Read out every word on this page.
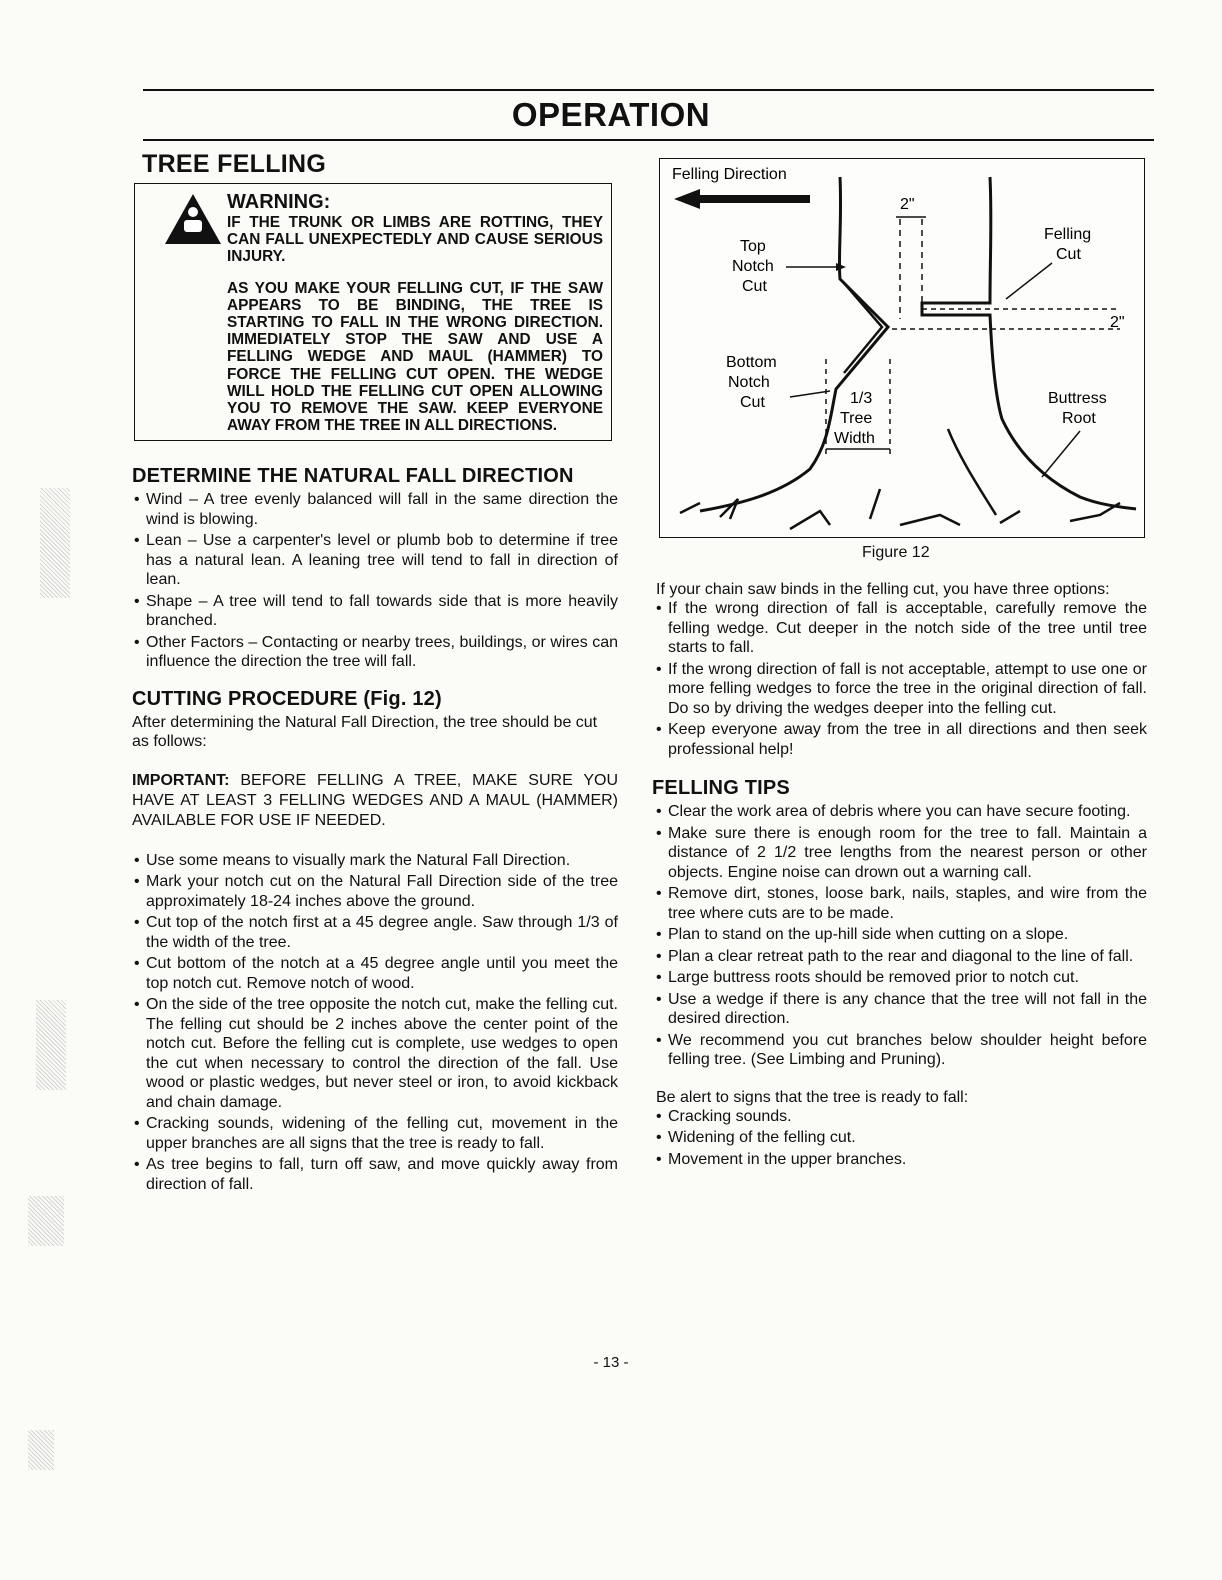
OPERATION
TREE FELLING
WARNING:
IF THE TRUNK OR LIMBS ARE ROTTING, THEY CAN FALL UNEXPECTEDLY AND CAUSE SERIOUS INJURY.
AS YOU MAKE YOUR FELLING CUT, IF THE SAW APPEARS TO BE BINDING, THE TREE IS STARTING TO FALL IN THE WRONG DIRECTION. IMMEDIATELY STOP THE SAW AND USE A FELLING WEDGE AND MAUL (HAMMER) TO FORCE THE FELLING CUT OPEN. THE WEDGE WILL HOLD THE FELLING CUT OPEN ALLOWING YOU TO REMOVE THE SAW. KEEP EVERYONE AWAY FROM THE TREE IN ALL DIRECTIONS.
DETERMINE THE NATURAL FALL DIRECTION
• Wind – A tree evenly balanced will fall in the same direction the wind is blowing.
• Lean – Use a carpenter's level or plumb bob to determine if tree has a natural lean. A leaning tree will tend to fall in direction of lean.
• Shape – A tree will tend to fall towards side that is more heavily branched.
• Other Factors – Contacting or nearby trees, buildings, or wires can influence the direction the tree will fall.
CUTTING PROCEDURE (Fig. 12)
After determining the Natural Fall Direction, the tree should be cut as follows:
IMPORTANT: BEFORE FELLING A TREE, MAKE SURE YOU HAVE AT LEAST 3 FELLING WEDGES AND A MAUL (HAMMER) AVAILABLE FOR USE IF NEEDED.
• Use some means to visually mark the Natural Fall Direction.
• Mark your notch cut on the Natural Fall Direction side of the tree approximately 18-24 inches above the ground.
• Cut top of the notch first at a 45 degree angle. Saw through 1/3 of the width of the tree.
• Cut bottom of the notch at a 45 degree angle until you meet the top notch cut. Remove notch of wood.
• On the side of the tree opposite the notch cut, make the felling cut. The felling cut should be 2 inches above the center point of the notch cut. Before the felling cut is complete, use wedges to open the cut when necessary to control the direction of the fall. Use wood or plastic wedges, but never steel or iron, to avoid kickback and chain damage.
• Cracking sounds, widening of the felling cut, movement in the upper branches are all signs that the tree is ready to fall.
• As tree begins to fall, turn off saw, and move quickly away from direction of fall.
Felling Direction
2"
2"
Top
Notch
Cut
Bottom
Notch
Cut	1/3
Tree
Width
Felling
Cut
Buttress
Root
Figure 12
If your chain saw binds in the felling cut, you have three options:
• If the wrong direction of fall is acceptable, carefully remove the felling wedge. Cut deeper in the notch side of the tree until tree starts to fall.
• If the wrong direction of fall is not acceptable, attempt to use one or more felling wedges to force the tree in the original direction of fall. Do so by driving the wedges deeper into the felling cut.
• Keep everyone away from the tree in all directions and then seek professional help!
FELLING TIPS
• Clear the work area of debris where you can have secure footing.
• Make sure there is enough room for the tree to fall. Maintain a distance of 2 1/2 tree lengths from the nearest person or other objects. Engine noise can drown out a warning call.
• Remove dirt, stones, loose bark, nails, staples, and wire from the tree where cuts are to be made.
• Plan to stand on the up-hill side when cutting on a slope.
• Plan a clear retreat path to the rear and diagonal to the line of fall.
• Large buttress roots should be removed prior to notch cut.
• Use a wedge if there is any chance that the tree will not fall in the desired direction.
• We recommend you cut branches below shoulder height before felling tree. (See Limbing and Pruning).
Be alert to signs that the tree is ready to fall:
• Cracking sounds.
• Widening of the felling cut.
• Movement in the upper branches.
- 13 -
